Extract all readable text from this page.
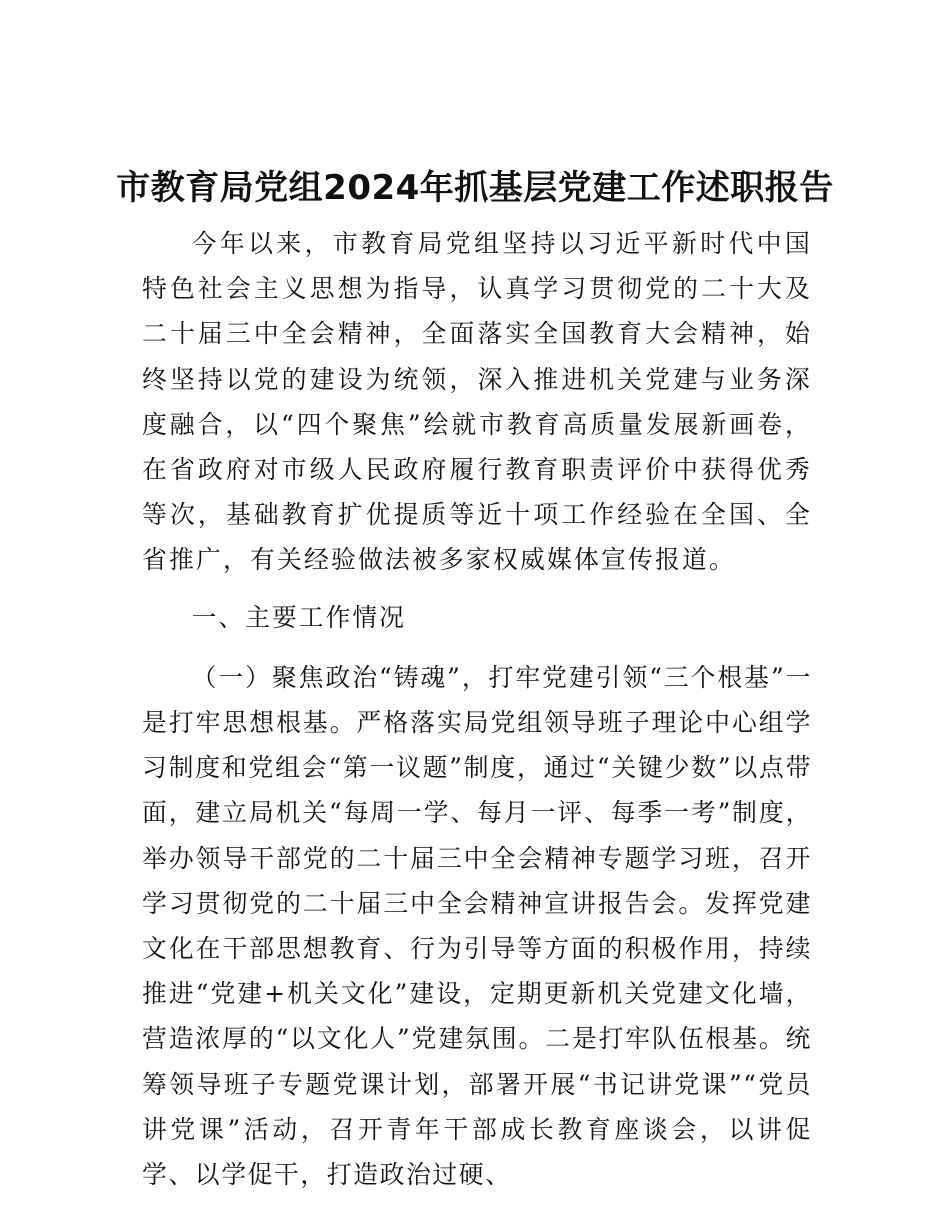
市教育局党组2024年抓基层党建工作述职报告

今年以来，市教育局党组坚持以习近平新时代中国特色社会主义思想为指导，认真学习贯彻党的二十大及二十届三中全会精神，全面落实全国教育大会精神，始终坚持以党的建设为统领，深入推进机关党建与业务深度融合，以“四个聚焦”绘就市教育高质量发展新画卷，在省政府对市级人民政府履行教育职责评价中获得优秀等次，基础教育扩优提质等近十项工作经验在全国、全省推广，有关经验做法被多家权威媒体宣传报道。

一、主要工作情况

（一）聚焦政治“铸魂”，打牢党建引领“三个根基”一是打牢思想根基。严格落实局党组领导班子理论中心组学习制度和党组会“第一议题”制度，通过“关键少数”以点带面，建立局机关“每周一学、每月一评、每季一考”制度，举办领导干部党的二十届三中全会精神专题学习班，召开学习贯彻党的二十届三中全会精神宣讲报告会。发挥党建文化在干部思想教育、行为引导等方面的积极作用，持续推进“党建+机关文化”建设，定期更新机关党建文化墙，营造浓厚的“以文化人”党建氛围。二是打牢队伍根基。统筹领导班子专题党课计划，部署开展“书记讲党课”“党员讲党课”活动，召开青年干部成长教育座谈会，以讲促学、以学促干，打造政治过硬、
